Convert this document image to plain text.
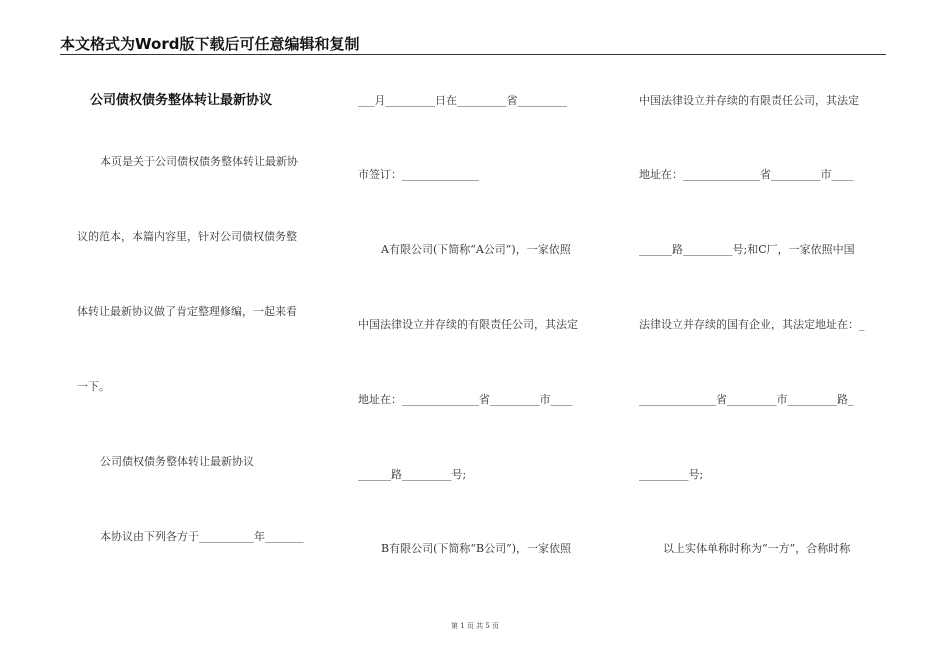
本文格式为Word版下载后可任意编辑和复制
公司债权债务整体转让最新协议
本页是关于公司债权债务整体转让最新协
议的范本，本篇内容里，针对公司债权债务整
体转让最新协议做了肯定整理修编，一起来看
一下。
公司债权债务整体转让最新协议
本协议由下列各方于__________年_______
___月_________日在_________省_________
市签订：______________
A有限公司(下简称“A公司”)，一家依照
中国法律设立并存续的有限责任公司，其法定
地址在：______________省_________市____
______路_________号;
B有限公司(下简称“B公司”)，一家依照
中国法律设立并存续的有限责任公司，其法定
地址在：______________省_________市____
______路_________号;和C厂，一家依照中国
法律设立并存续的国有企业，其法定地址在：_
______________省_________市_________路_
_________号;
以上实体单称时称为“一方”，合称时称
第 1 页 共 5 页
